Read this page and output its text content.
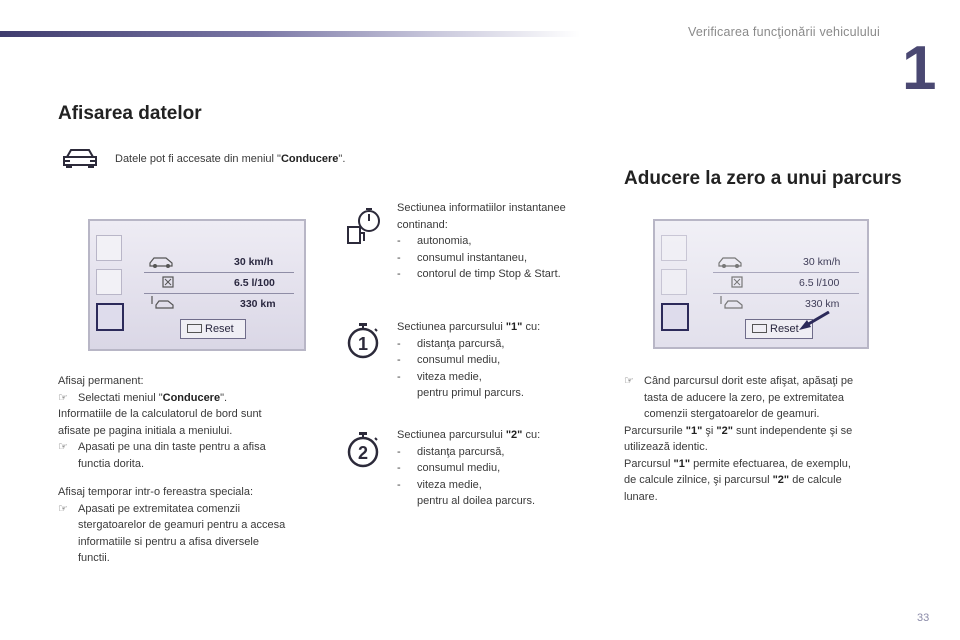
Verificarea funcţionării vehiculului
1
Afisarea datelor
Datele pot fi accesate din meniul "Conducere".
30 km/h
6.5 l/100
330 km
Reset
Afisaj permanent:
☞ Selectati meniul "Conducere".
Informatiile de la calculatorul de bord sunt
afisate pe pagina initiala a meniului.
☞ Apasati pe una din taste pentru a afisa
functia dorita.
Afisaj temporar intr-o fereastra speciala:
☞ Apasati pe extremitatea comenzii
stergatoarelor de geamuri pentru a accesa
informatiile si pentru a afisa diversele
functii.
Sectiunea informatiilor instantanee
continand:
- autonomia,
- consumul instantaneu,
- contorul de timp Stop & Start.
1
Sectiunea parcursului "1" cu:
- distanţa parcursă,
- consumul mediu,
- viteza medie,
pentru primul parcurs.
2
Sectiunea parcursului "2" cu:
- distanţa parcursă,
- consumul mediu,
- viteza medie,
pentru al doilea parcurs.
Aducere la zero a unui parcurs
30 km/h
6.5 l/100
330 km
Reset
☞ Când parcursul dorit este afişat, apăsaţi pe
tasta de aducere la zero, pe extremitatea
comenzii stergatoarelor de geamuri.
Parcursurile "1" şi "2" sunt independente şi se
utilizează identic.
Parcursul "1" permite efectuarea, de exemplu,
de calcule zilnice, şi parcursul "2" de calcule
lunare.
33
